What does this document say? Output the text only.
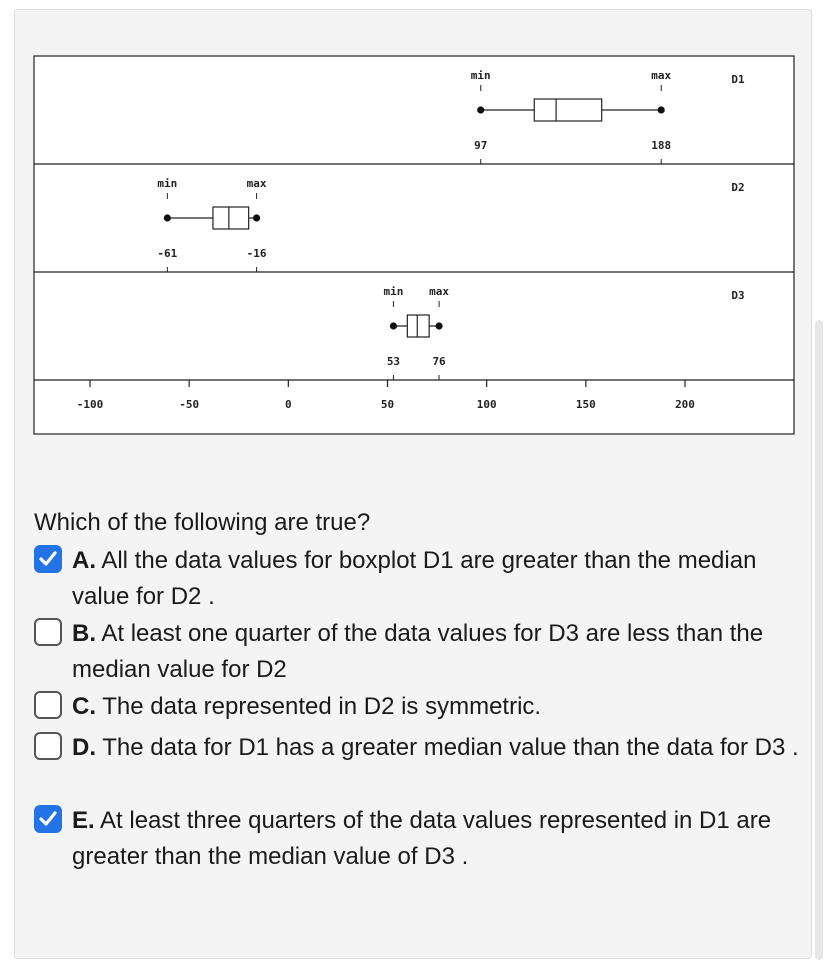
-100	-50	0	50	100	150	200
min	max
97	188
D1
min	max
-61	-16
D2
min max
53	76
D3
Which of the following are true?
A. All the data values for boxplot D1 are greater than the median value for D2 .
B. At least one quarter of the data values for D3 are less than the median value for D2
C. The data represented in D2 is symmetric.
D. The data for D1 has a greater median value than the data for D3 .
E. At least three quarters of the data values represented in D1 are greater than the median value of D3 .
